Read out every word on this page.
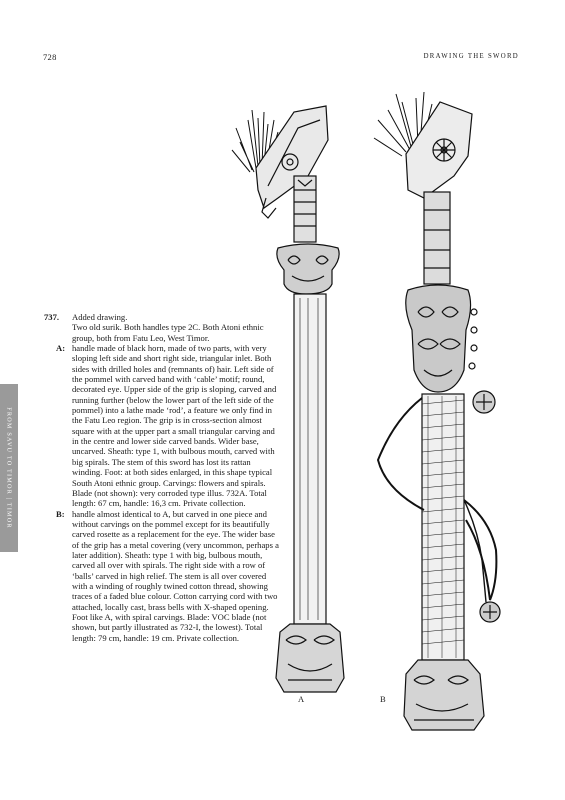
728	DRAWING THE SWORD
FROM SAVU TO TIMOR | TIMOR
737. Added drawing.
Two old surik. Both handles type 2C. Both Atoni ethnic group, both from Fatu Leo, West Timor.
A: handle made of black horn, made of two parts, with very sloping left side and short right side, triangular inlet. Both sides with drilled holes and (remnants of) hair. Left side of the pommel with carved band with ‘cable’ motif; round, decorated eye. Upper side of the grip is sloping, carved and running further (below the lower part of the left side of the pommel) into a lathe made ‘rod’, a feature we only find in the Fatu Leo region. The grip is in cross-section almost square with at the upper part a small triangular carving and in the centre and lower side carved bands. Wider base, uncarved. Sheath: type 1, with bulbous mouth, carved with big spirals. The stem of this sword has lost its rattan winding. Foot: at both sides enlarged, in this shape typical South Atoni ethnic group. Carvings: flowers and spirals. Blade (not shown): very corroded type illus. 732A. Total length: 67 cm, handle: 16,3 cm. Private collection.
B: handle almost identical to A, but carved in one piece and without carvings on the pommel except for its beautifully carved rosette as a replacement for the eye. The wider base of the grip has a metal covering (very uncommon, perhaps a later addition). Sheath: type 1 with big, bulbous mouth, carved all over with spirals. The right side with a row of ‘balls’ carved in high relief. The stem is all over covered with a winding of roughly twined cotton thread, showing traces of a faded blue colour. Cotton carrying cord with two attached, locally cast, brass bells with X-shaped opening. Foot like A, with spiral carvings. Blade: VOC blade (not shown, but partly illustrated as 732-I, the lowest). Total length: 79 cm, handle: 19 cm. Private collection.
A	B
